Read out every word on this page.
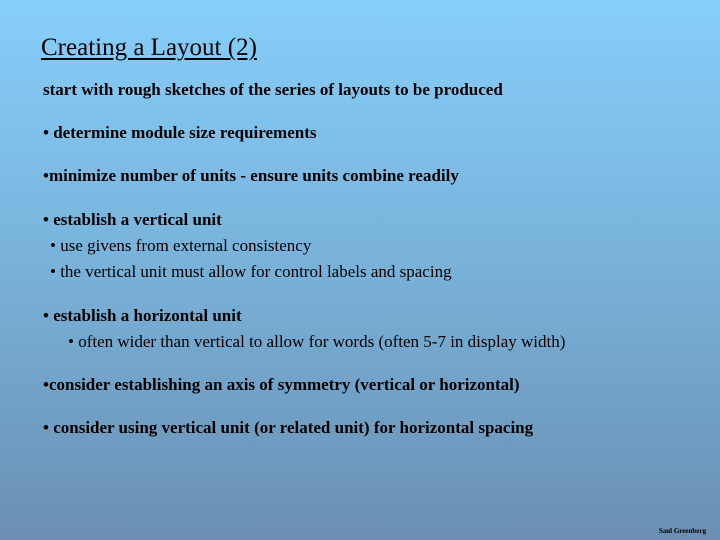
Creating a Layout (2)
start with rough sketches of the series of layouts to be produced
• determine module size requirements
•minimize number of units - ensure units combine readily
• establish a vertical unit
• use givens from external consistency
• the vertical unit must allow for control labels and spacing
• establish a horizontal unit
• often wider than vertical to allow for words (often 5-7 in display width)
•consider establishing an axis of symmetry (vertical or horizontal)
• consider using vertical unit (or related unit) for horizontal spacing
Saul Greenberg
